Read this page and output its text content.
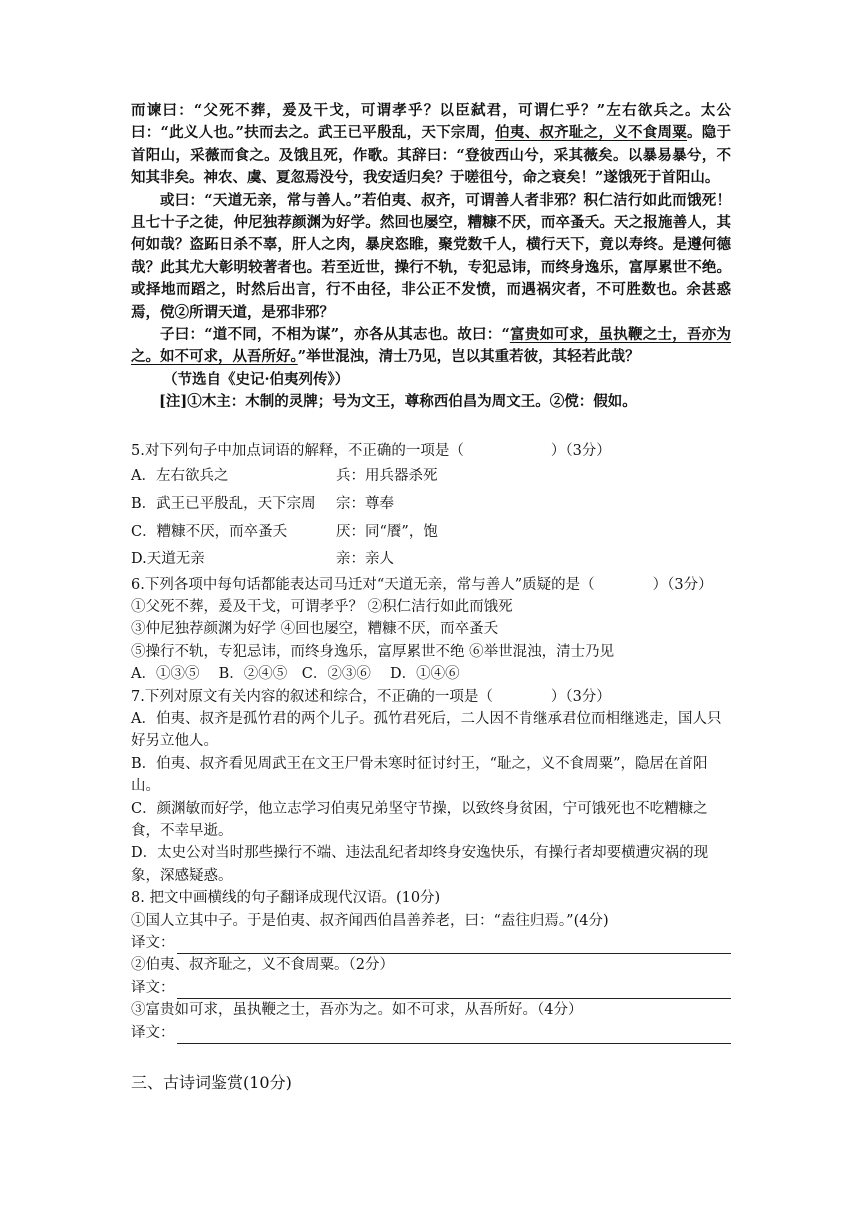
而谏曰：“父死不葬，爰及干戈，可谓孝乎？以臣弑君，可谓仁乎？”左右欲兵之。太公曰：“此义人也。”扶而去之。武王已平殷乱，天下宗周，伯夷、叔齐耻之，义不食周粟。隐于首阳山，采薇而食之。及饿且死，作歌。其辞曰：“登彼西山兮，采其薇矣。以暴易暴兮，不知其非矣。神农、虞、夏忽焉没兮，我安适归矣？于嗟徂兮，命之衰矣！”遂饿死于首阳山。

或曰：“天道无亲，常与善人。”若伯夷、叔齐，可谓善人者非邪？积仁洁行如此而饿死！且七十子之徒，仲尼独荐颜渊为好学。然回也屡空，糟糠不厌，而卒蚤夭。天之报施善人，其何如哉？盗跖日杀不辜，肝人之肉，暴戾恣睢，聚党数千人，横行天下，竟以寿终。是遵何德哉？此其尤大彰明较著者也。若至近世，操行不轨，专犯忌讳，而终身逸乐，富厚累世不绝。或择地而蹈之，时然后出言，行不由径，非公正不发愤，而遇祸灾者，不可胜数也。余甚惑焉，傥②所谓天道，是邪非邪？

子曰：“道不同，不相为谋”，亦各从其志也。故曰：“富贵如可求，虽执鞭之士，吾亦为之。如不可求，从吾所好。”举世混浊，清士乃见，岂以其重若彼，其轻若此哉？

（节选自《史记·伯夷列传》）

[注]①木主：木制的灵牌；号为文王，尊称西伯昌为周文王。②傥：假如。

5.对下列句子中加点词语的解释，不正确的一项是（　　　　　　）（3分）

A．左右欲兵之	兵：用兵器杀死
B．武王已平殷乱，天下宗周	宗：尊奉
C．糟糠不厌，而卒蚤夭	厌：同“餍”，饱
D.天道无亲	亲：亲人

6.下列各项中每句话都能表达司马迁对“天道无亲，常与善人”质疑的是（　　　　）（3分）

①父死不葬，爰及干戈，可谓孝乎？ ②积仁洁行如此而饿死

③仲尼独荐颜渊为好学 ④回也屡空，糟糠不厌，而卒蚤夭

⑤操行不轨，专犯忌讳，而终身逸乐，富厚累世不绝 ⑥举世混浊，清士乃见

A．①③⑤　 B．②④⑤　C．②③⑥　 D．①④⑥

7.下列对原文有关内容的叙述和综合，不正确的一项是（　　　　）（3分）

A．伯夷、叔齐是孤竹君的两个儿子。孤竹君死后，二人因不肯继承君位而相继逃走，国人只好另立他人。

B．伯夷、叔齐看见周武王在文王尸骨未寒时征讨纣王，“耻之，义不食周粟”，隐居在首阳山。

C．颜渊敏而好学，他立志学习伯夷兄弟坚守节操，以致终身贫困，宁可饿死也不吃糟糠之食，不幸早逝。

D．太史公对当时那些操行不端、违法乱纪者却终身安逸快乐，有操行者却要横遭灾祸的现象，深感疑惑。

8. 把文中画横线的句子翻译成现代汉语。(10分)

①国人立其中子。于是伯夷、叔齐闻西伯昌善养老，曰：“盍往归焉。”(4分)

译文：

②伯夷、叔齐耻之，义不食周粟。（2分）

译文：

③富贵如可求，虽执鞭之士，吾亦为之。如不可求，从吾所好。（4分）

译文：
三、古诗词鉴赏(10分)
